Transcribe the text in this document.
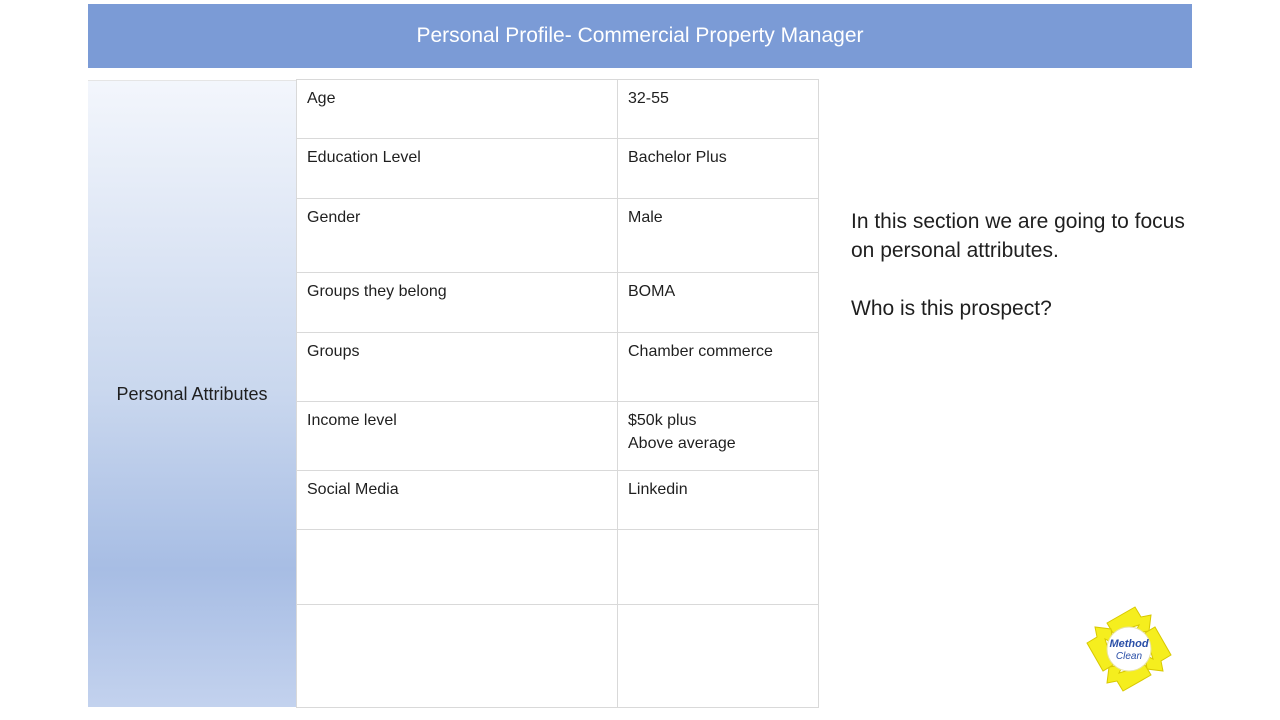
Personal Profile- Commercial Property Manager
Personal Attributes
Age	32-55
Education Level	Bachelor Plus
Gender	Male
Groups they belong	BOMA
Groups	Chamber commerce
Income level	$50k plus
Above average
Social Media	Linkedin

In this section we are going to focus on personal attributes.

Who is this prospect?

Method
Clean
